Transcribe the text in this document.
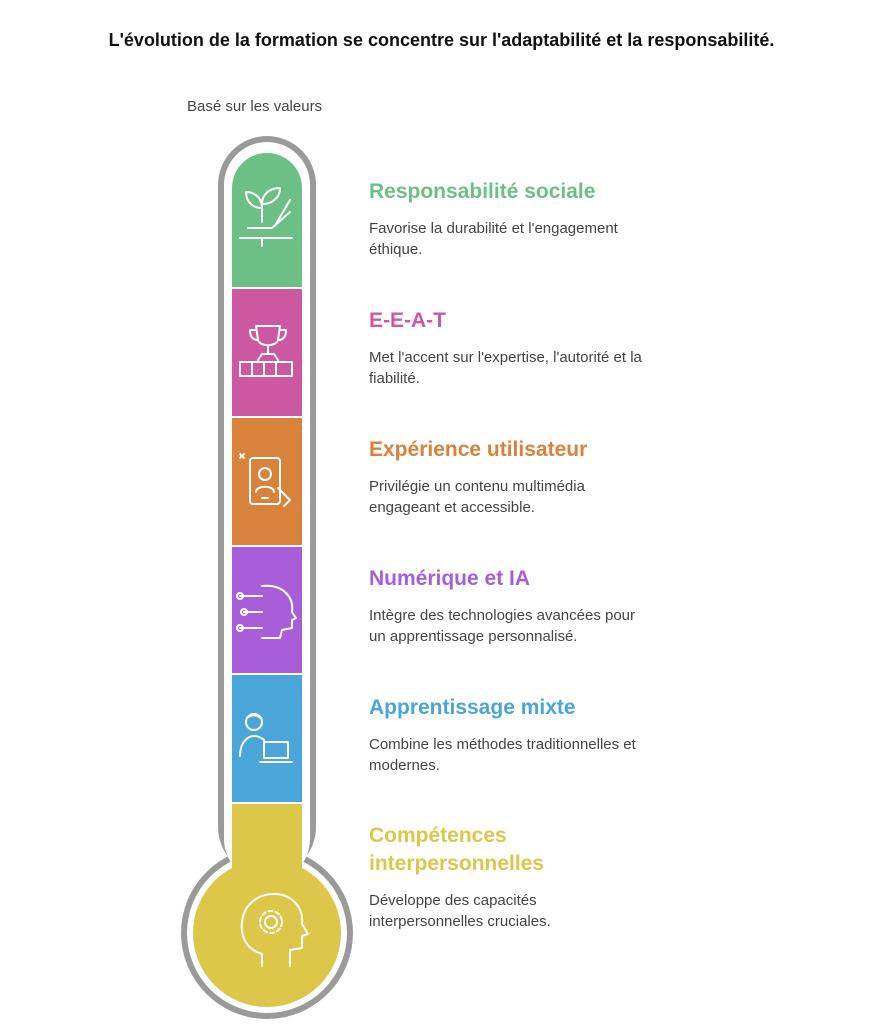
L'évolution de la formation se concentre sur l'adaptabilité et la responsabilité.
Basé sur les valeurs
Responsabilité sociale
Favorise la durabilité et l'engagement
éthique.
E-E-A-T
Met l'accent sur l'expertise, l'autorité et la
fiabilité.
Expérience utilisateur
Privilégie un contenu multimédia
engageant et accessible.
Numérique et IA
Intègre des technologies avancées pour
un apprentissage personnalisé.
Apprentissage mixte
Combine les méthodes traditionnelles et
modernes.
Compétences
interpersonnelles
Développe des capacités
interpersonnelles cruciales.
